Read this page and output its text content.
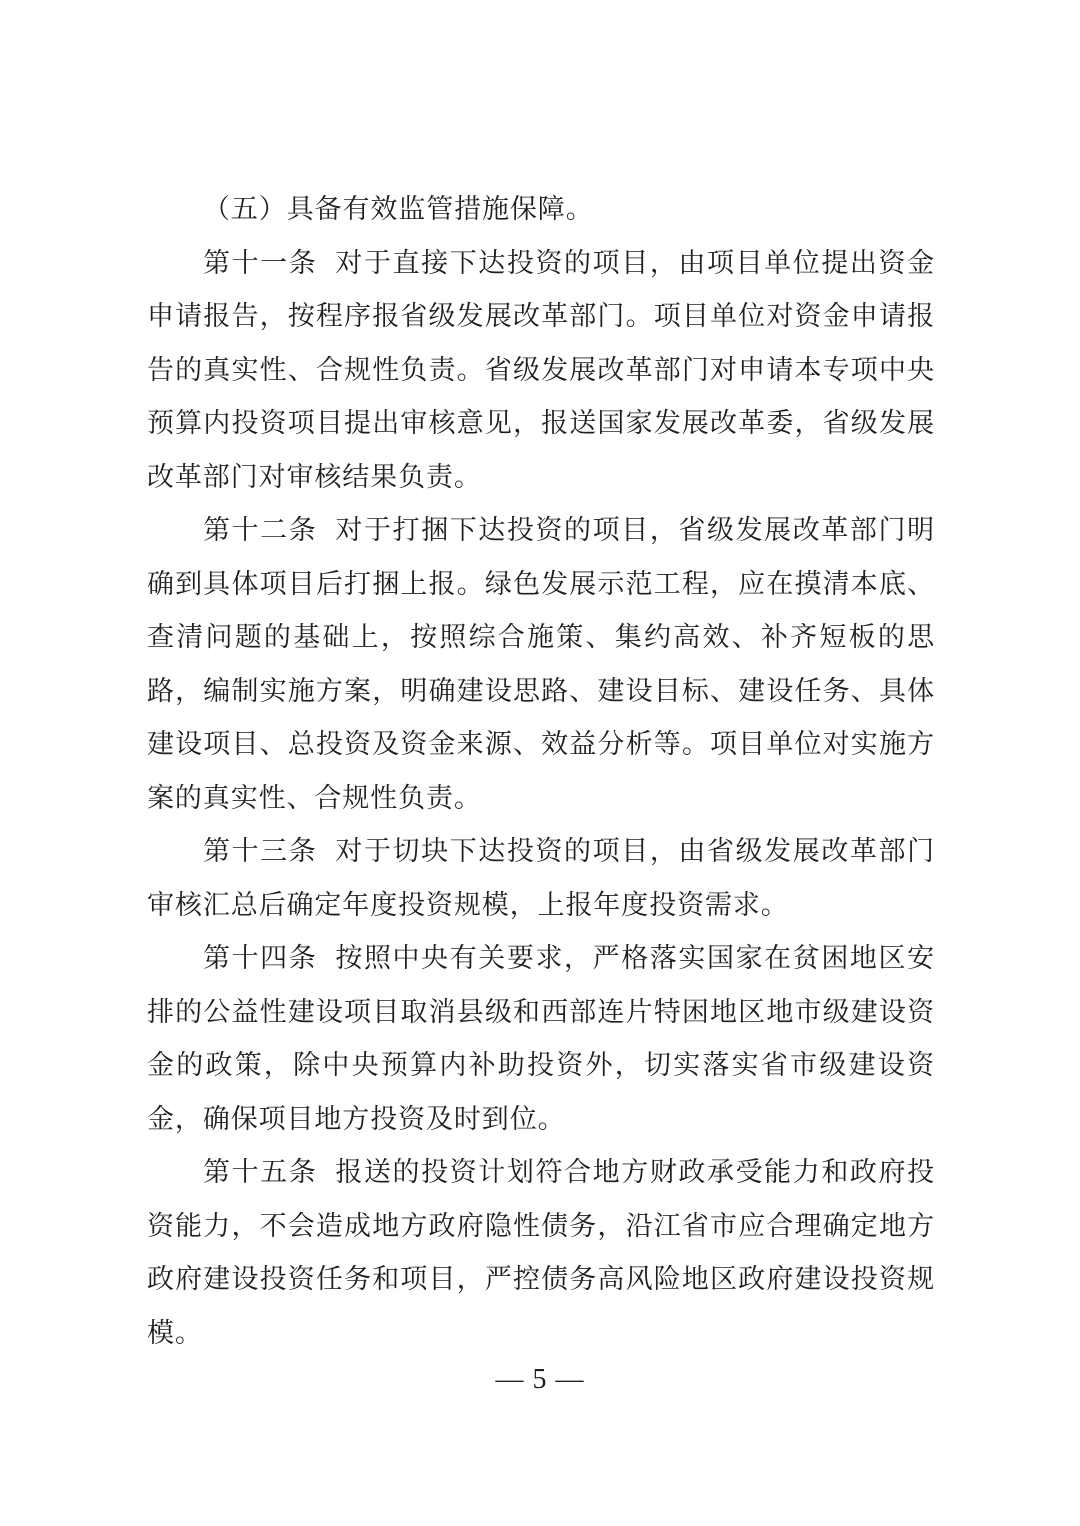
（五）具备有效监管措施保障。

第十一条 对于直接下达投资的项目，由项目单位提出资金申请报告，按程序报省级发展改革部门。项目单位对资金申请报告的真实性、合规性负责。省级发展改革部门对申请本专项中央预算内投资项目提出审核意见，报送国家发展改革委，省级发展改革部门对审核结果负责。

第十二条 对于打捆下达投资的项目，省级发展改革部门明确到具体项目后打捆上报。绿色发展示范工程，应在摸清本底、查清问题的基础上，按照综合施策、集约高效、补齐短板的思路，编制实施方案，明确建设思路、建设目标、建设任务、具体建设项目、总投资及资金来源、效益分析等。项目单位对实施方案的真实性、合规性负责。

第十三条 对于切块下达投资的项目，由省级发展改革部门审核汇总后确定年度投资规模，上报年度投资需求。

第十四条 按照中央有关要求，严格落实国家在贫困地区安排的公益性建设项目取消县级和西部连片特困地区地市级建设资金的政策，除中央预算内补助投资外，切实落实省市级建设资金，确保项目地方投资及时到位。

第十五条 报送的投资计划符合地方财政承受能力和政府投资能力，不会造成地方政府隐性债务，沿江省市应合理确定地方政府建设投资任务和项目，严控债务高风险地区政府建设投资规模。

— 5 —
